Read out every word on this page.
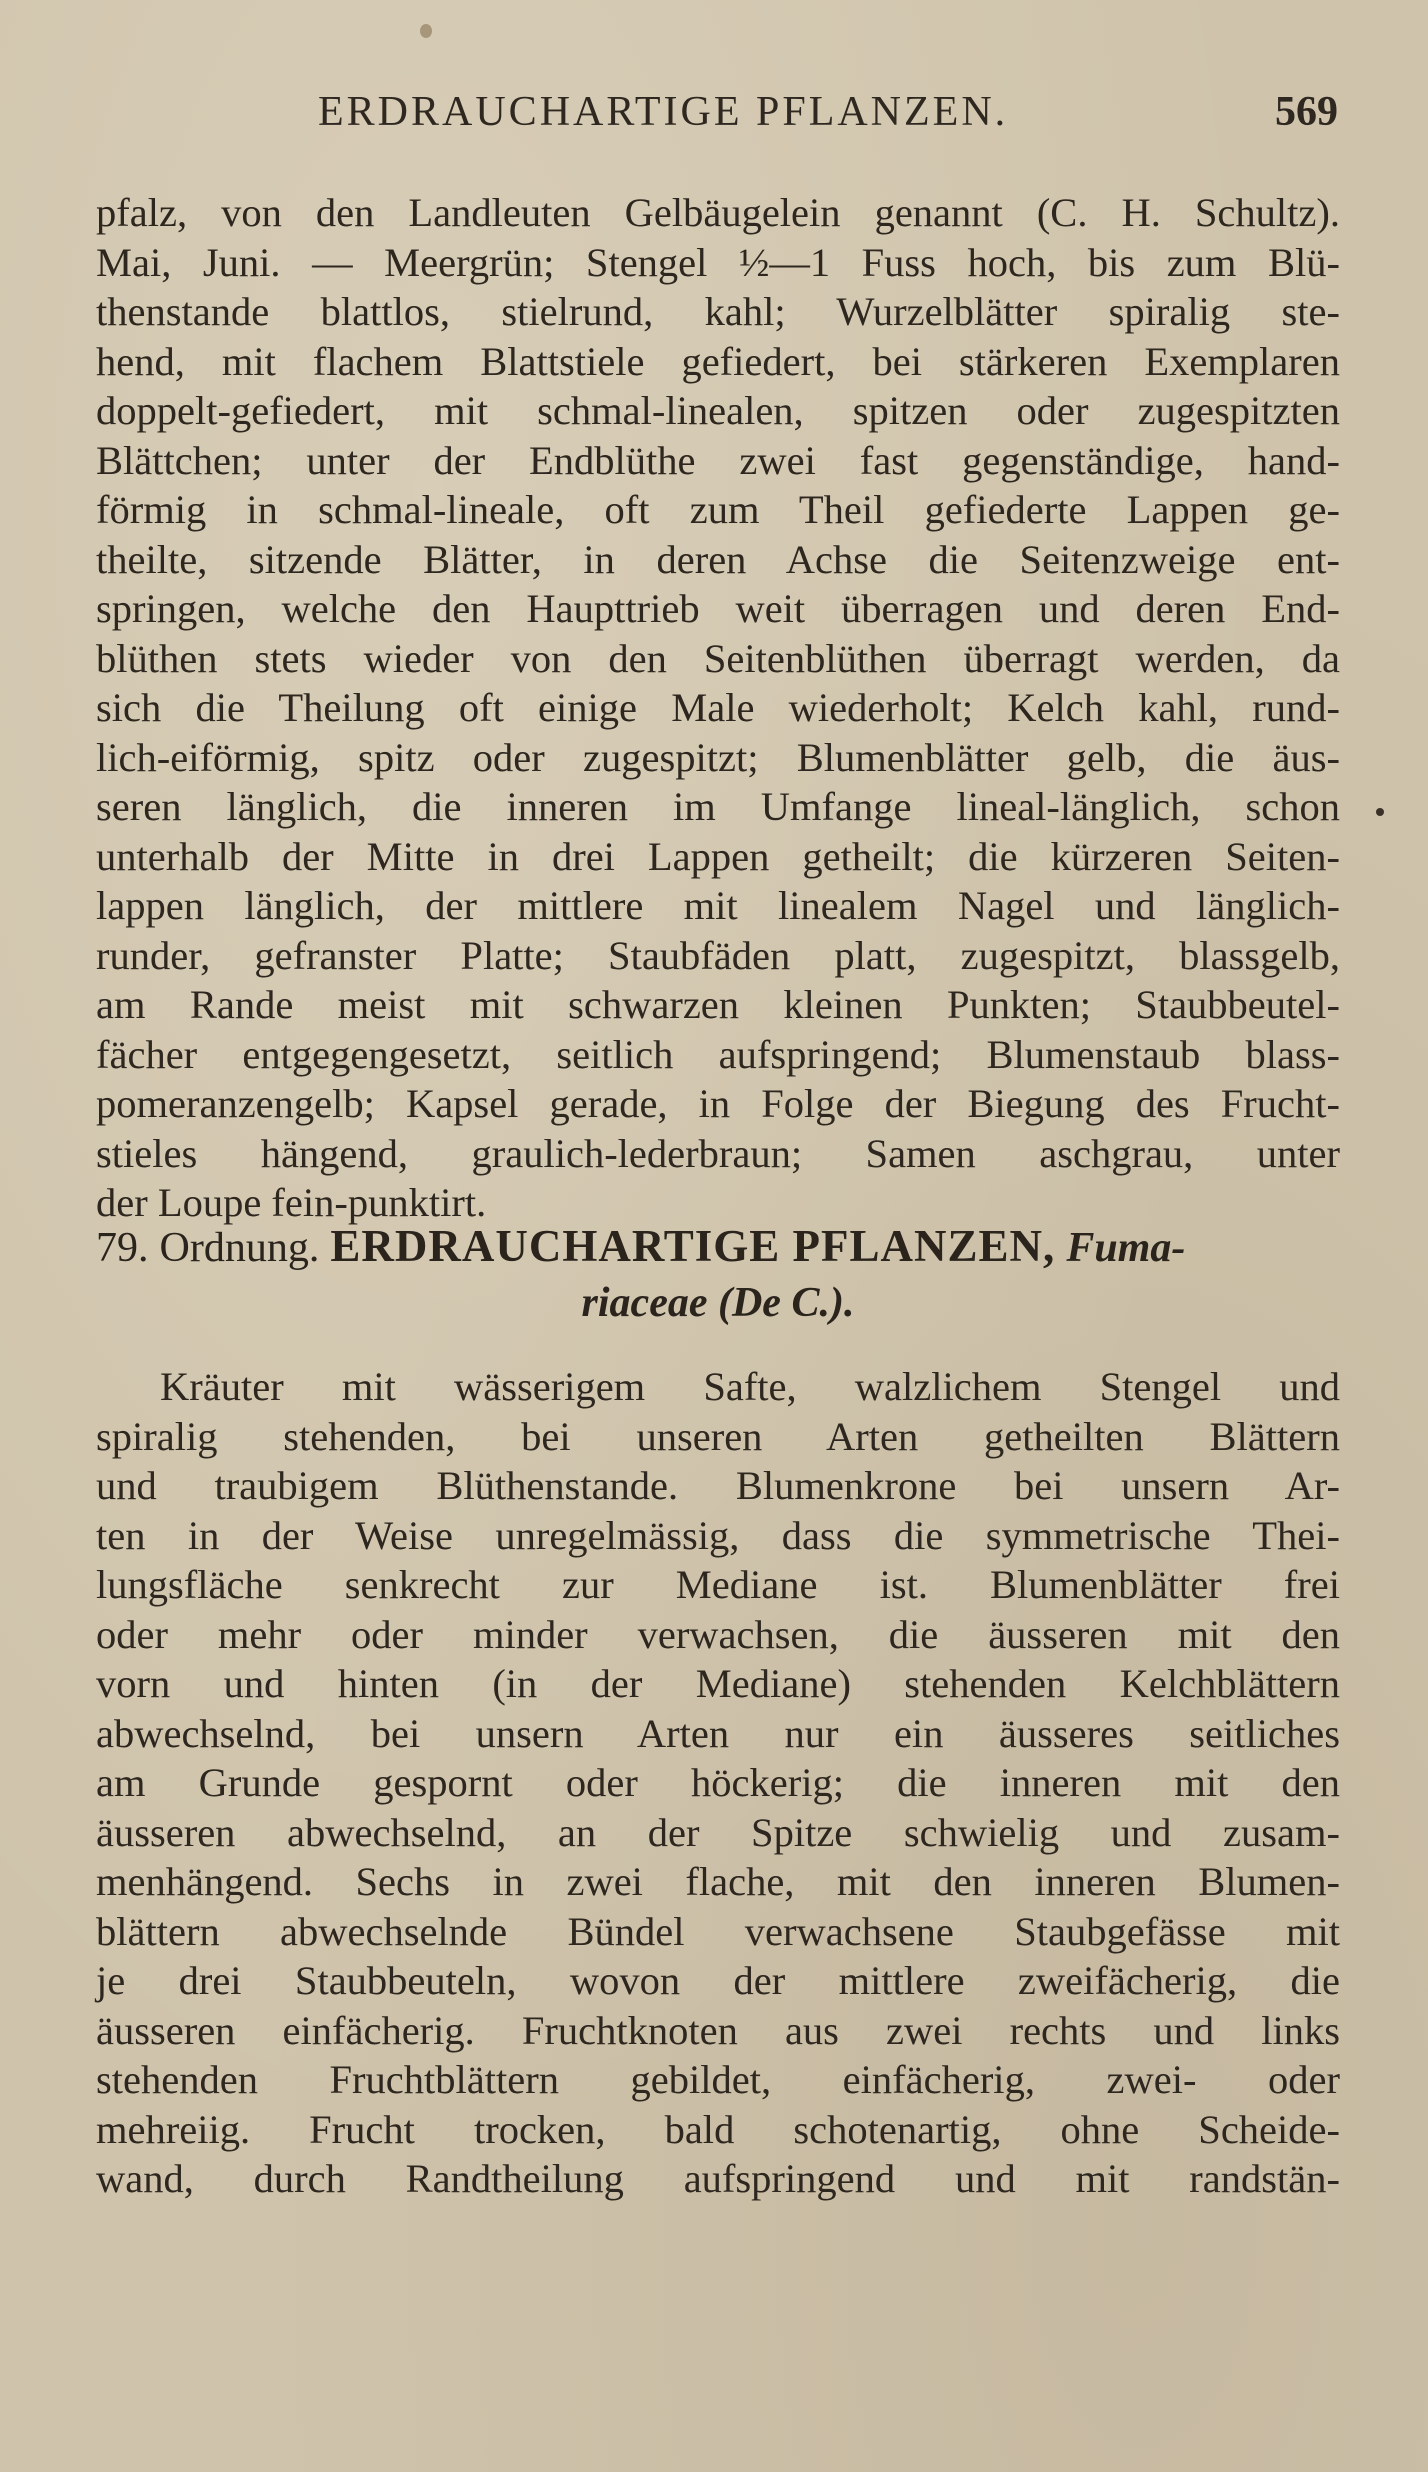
ERDRAUCHARTIGE PFLANZEN.	569
pfalz, von den Landleuten Gelbäugelein genannt (C. H. Schultz).
Mai, Juni. — Meergrün; Stengel ½—1 Fuss hoch, bis zum Blü-
thenstande blattlos, stielrund, kahl; Wurzelblätter spiralig ste-
hend, mit flachem Blattstiele gefiedert, bei stärkeren Exemplaren
doppelt-gefiedert, mit schmal-linealen, spitzen oder zugespitzten
Blättchen; unter der Endblüthe zwei fast gegenständige, hand-
förmig in schmal-lineale, oft zum Theil gefiederte Lappen ge-
theilte, sitzende Blätter, in deren Achse die Seitenzweige ent-
springen, welche den Haupttrieb weit überragen und deren End-
blüthen stets wieder von den Seitenblüthen überragt werden, da
sich die Theilung oft einige Male wiederholt; Kelch kahl, rund-
lich-eiförmig, spitz oder zugespitzt; Blumenblätter gelb, die äus-
seren länglich, die inneren im Umfange lineal-länglich, schon
unterhalb der Mitte in drei Lappen getheilt; die kürzeren Seiten-
lappen länglich, der mittlere mit linealem Nagel und länglich-
runder, gefranster Platte; Staubfäden platt, zugespitzt, blassgelb,
am Rande meist mit schwarzen kleinen Punkten; Staubbeutel-
fächer entgegengesetzt, seitlich aufspringend; Blumenstaub blass-
pomeranzengelb; Kapsel gerade, in Folge der Biegung des Frucht-
stieles hängend, graulich-lederbraun; Samen aschgrau, unter
der Loupe fein-punktirt.
79. Ordnung. ERDRAUCHARTIGE PFLANZEN, Fuma-
riaceae (De C.).
Kräuter mit wässerigem Safte, walzlichem Stengel und
spiralig stehenden, bei unseren Arten getheilten Blättern
und traubigem Blüthenstande. Blumenkrone bei unsern Ar-
ten in der Weise unregelmässig, dass die symmetrische Thei-
lungsfläche senkrecht zur Mediane ist. Blumenblätter frei
oder mehr oder minder verwachsen, die äusseren mit den
vorn und hinten (in der Mediane) stehenden Kelchblättern
abwechselnd, bei unsern Arten nur ein äusseres seitliches
am Grunde gespornt oder höckerig; die inneren mit den
äusseren abwechselnd, an der Spitze schwielig und zusam-
menhängend. Sechs in zwei flache, mit den inneren Blumen-
blättern abwechselnde Bündel verwachsene Staubgefässe mit
je drei Staubbeuteln, wovon der mittlere zweifächerig, die
äusseren einfächerig. Fruchtknoten aus zwei rechts und links
stehenden Fruchtblättern gebildet, einfächerig, zwei- oder
mehreiig. Frucht trocken, bald schotenartig, ohne Scheide-
wand, durch Randtheilung aufspringend und mit randstän-
